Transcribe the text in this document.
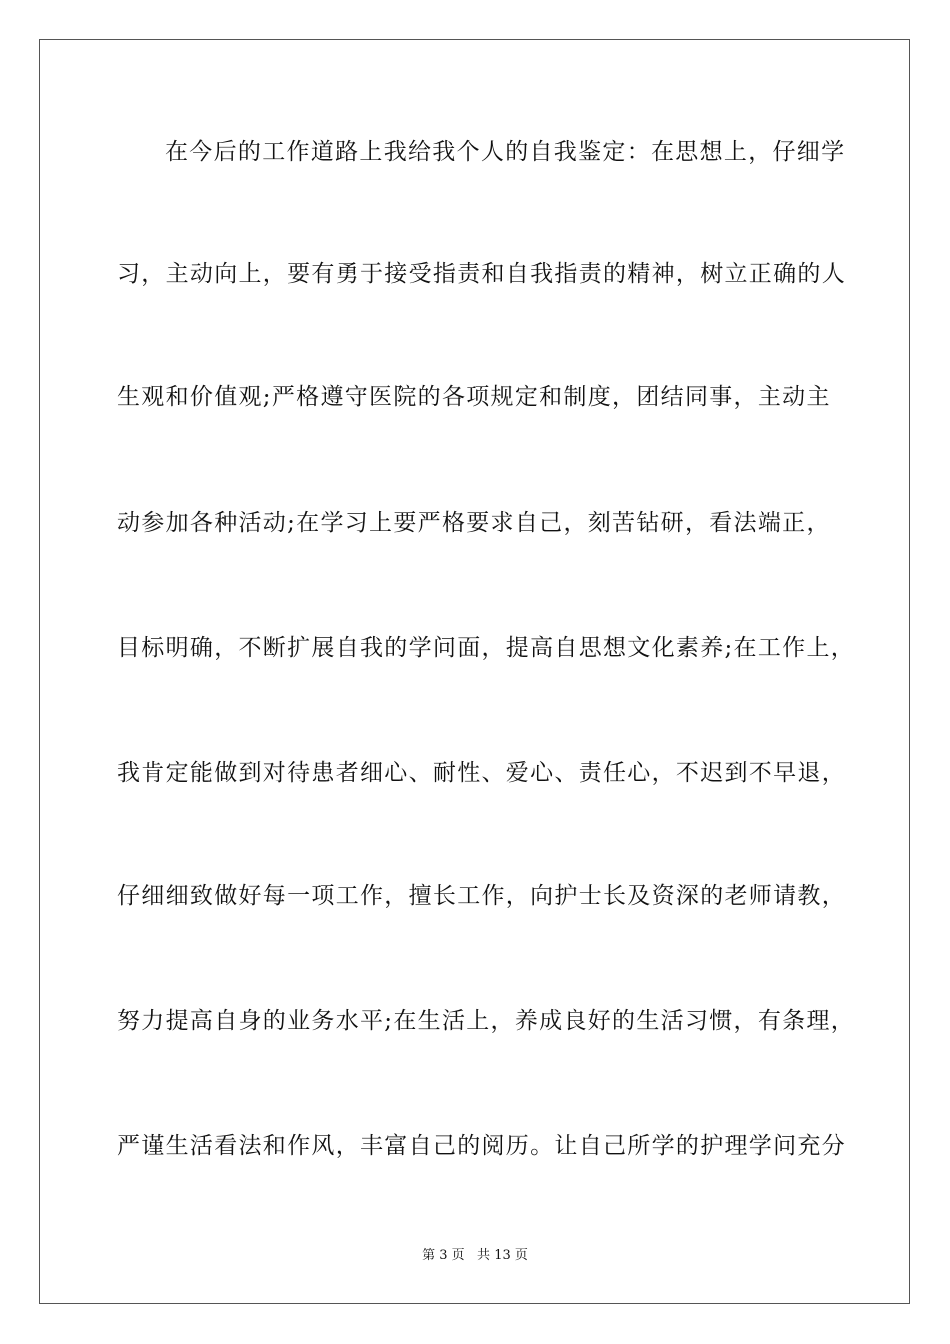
在今后的工作道路上我给我个人的自我鉴定：在思想上，仔细学
习，主动向上，要有勇于接受指责和自我指责的精神，树立正确的人
生观和价值观;严格遵守医院的各项规定和制度，团结同事，主动主
动参加各种活动;在学习上要严格要求自己，刻苦钻研，看法端正，
目标明确，不断扩展自我的学问面，提高自思想文化素养;在工作上，
我肯定能做到对待患者细心、耐性、爱心、责任心，不迟到不早退，
仔细细致做好每一项工作，擅长工作，向护士长及资深的老师请教，
努力提高自身的业务水平;在生活上，养成良好的生活习惯，有条理，
严谨生活看法和作风，丰富自己的阅历。让自己所学的护理学问充分
第 3 页   共 13 页
